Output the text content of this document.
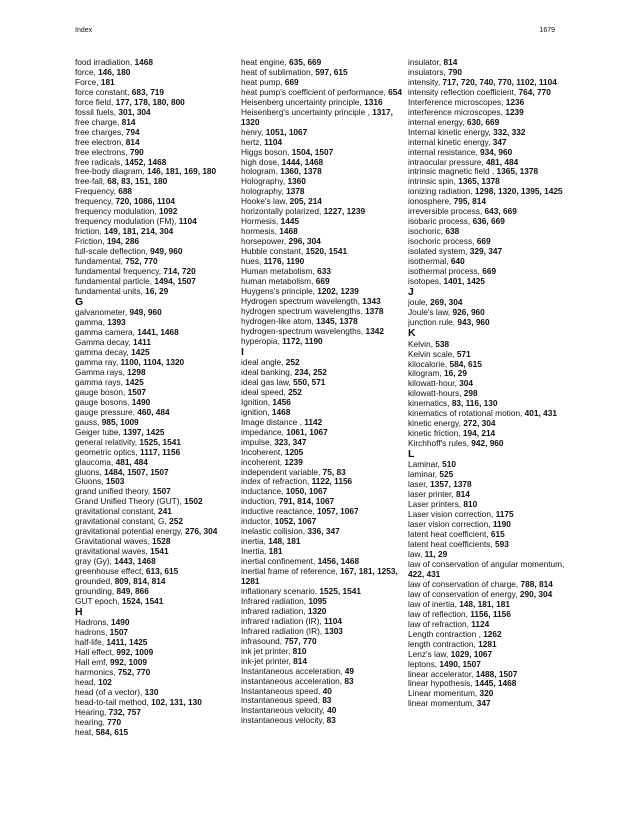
Index	1679
food irradiation, 1468
force, 146, 180
Force, 181
force constant, 683, 719
force field, 177, 178, 180, 800
fossil fuels, 301, 304
free charge, 814
free charges, 794
free electron, 814
free electrons, 790
free radicals, 1452, 1468
free-body diagram, 146, 181, 169, 180
free-fall, 68, 83, 151, 180
Frequency, 688
frequency, 720, 1086, 1104
frequency modulation, 1092
frequency modulation (FM), 1104
friction, 149, 181, 214, 304
Friction, 194, 286
full-scale deflection, 949, 960
fundamental, 752, 770
fundamental frequency, 714, 720
fundamental particle, 1494, 1507
fundamental units, 16, 29
G
galvanometer, 949, 960
gamma, 1393
gamma camera, 1441, 1468
Gamma decay, 1411
gamma decay, 1425
gamma ray, 1100, 1104, 1320
Gamma rays, 1298
gamma rays, 1425
gauge boson, 1507
gauge bosons, 1490
gauge pressure, 460, 484
gauss, 985, 1009
Geiger tube, 1397, 1425
general relativity, 1525, 1541
geometric optics, 1117, 1156
glaucoma, 481, 484
gluons, 1484, 1507, 1507
Gluons, 1503
grand unified theory, 1507
Grand Unified Theory (GUT), 1502
gravitational constant, 241
gravitational constant, G, 252
gravitational potential energy, 276, 304
Gravitational waves, 1528
gravitational waves, 1541
gray (Gy), 1443, 1468
greenhouse effect, 613, 615
grounded, 809, 814, 814
grounding, 849, 866
GUT epoch, 1524, 1541
H
Hadrons, 1490
hadrons, 1507
half-life, 1411, 1425
Hall effect, 992, 1009
Hall emf, 992, 1009
harmonics, 752, 770
head, 102
head (of a vector), 130
head-to-tail method, 102, 131, 130
Hearing, 732, 757
hearing, 770
heat, 584, 615
heat engine, 635, 669
heat of sublimation, 597, 615
heat pump, 669
heat pump's coefficient of performance, 654
Heisenberg uncertainty principle, 1316
Heisenberg's uncertainty principle , 1317, 1320
henry, 1051, 1067
hertz, 1104
Higgs boson, 1504, 1507
high dose, 1444, 1468
hologram, 1360, 1378
Holography, 1360
holography, 1378
Hooke's law, 205, 214
horizontally polarized, 1227, 1239
Hormesis, 1445
hormesis, 1468
horsepower, 296, 304
Hubble constant, 1520, 1541
hues, 1176, 1190
Human metabolism, 633
human metabolism, 669
Huygens's principle, 1202, 1239
Hydrogen spectrum wavelength, 1343
hydrogen spectrum wavelengths, 1378
hydrogen-like atom, 1345, 1378
hydrogen-spectrum wavelengths, 1342
hyperopia, 1172, 1190
I
ideal angle, 252
ideal banking, 234, 252
ideal gas law, 550, 571
ideal speed, 252
Ignition, 1456
ignition, 1468
Image distance , 1142
impedance, 1061, 1067
impulse, 323, 347
Incoherent, 1205
incoherent, 1239
independent variable, 75, 83
index of refraction, 1122, 1156
inductance, 1050, 1067
induction, 791, 814, 1067
inductive reactance, 1057, 1067
inductor, 1052, 1067
inelastic collision, 336, 347
inertia, 148, 181
Inertia, 181
inertial confinement, 1456, 1468
inertial frame of reference, 167, 181, 1253, 1281
inflationary scenario, 1525, 1541
Infrared radiation, 1095
infrared radiation, 1320
infrared radiation (IR), 1104
Infrared radiation (IR), 1303
infrasound, 757, 770
ink jet printer, 810
ink-jet printer, 814
Instantaneous acceleration, 49
instantaneous acceleration, 83
Instantaneous speed, 40
instantaneous speed, 83
Instantaneous velocity, 40
instantaneous velocity, 83
insulator, 814
insulators, 790
intensity, 717, 720, 740, 770, 1102, 1104
intensity reflection coefficient, 764, 770
Interference microscopes, 1236
interference microscopes, 1239
internal energy, 630, 669
Internal kinetic energy, 332, 332
internal kinetic energy, 347
internal resistance, 934, 960
intraocular pressure, 481, 484
intrinsic magnetic field , 1365, 1378
intrinsic spin, 1365, 1378
ionizing radiation, 1298, 1320, 1395, 1425
ionosphere, 795, 814
irreversible process, 643, 669
isobaric process, 636, 669
isochoric, 638
isochoric process, 669
isolated system, 329, 347
isothermal, 640
isothermal process, 669
isotopes, 1401, 1425
J
joule, 269, 304
Joule's law, 926, 960
junction rule, 943, 960
K
Kelvin, 538
Kelvin scale, 571
kilocalorie, 584, 615
kilogram, 16, 29
kilowatt-hour, 304
kilowatt-hours, 298
kinematics, 83, 116, 130
kinematics of rotational motion, 401, 431
kinetic energy, 272, 304
kinetic friction, 194, 214
Kirchhoff's rules, 942, 960
L
Laminar, 510
laminar, 525
laser, 1357, 1378
laser printer, 814
Laser printers, 810
Laser vision correction, 1175
laser vision correction, 1190
latent heat coefficient, 615
latent heat coefficients, 593
law, 11, 29
law of conservation of angular momentum, 422, 431
law of conservation of charge, 788, 814
law of conservation of energy, 290, 304
law of inertia, 148, 181, 181
law of reflection, 1156, 1156
law of refraction, 1124
Length contraction , 1262
length contraction, 1281
Lenz's law, 1029, 1067
leptons, 1490, 1507
linear accelerator, 1488, 1507
linear hypothesis, 1445, 1468
Linear momentum, 320
linear momentum, 347
